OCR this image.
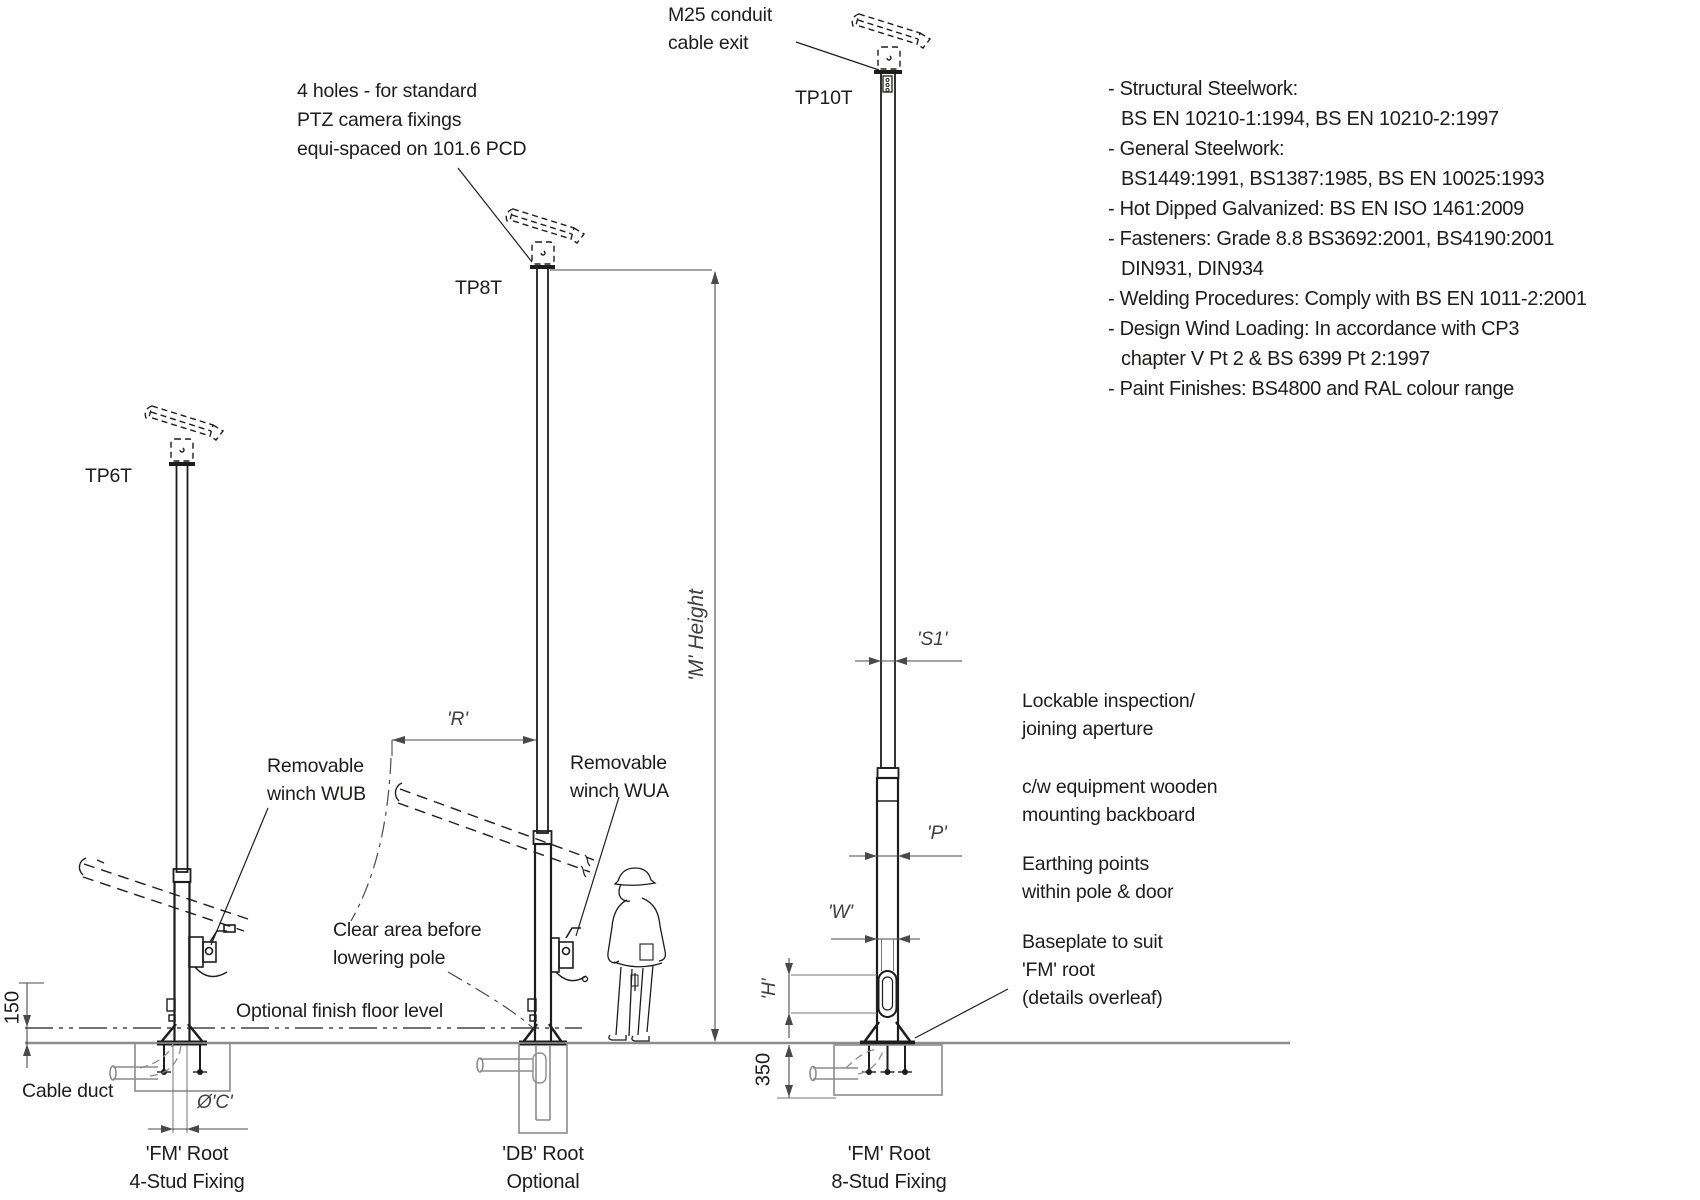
M25 conduit
cable exit
TP10T
4 holes - for standard
PTZ camera fixings
equi-spaced on 101.6 PCD
TP8T
TP6T
Removable
winch WUB
Removable
winch WUA
Clear area before
lowering pole
Optional finish floor level
Cable duct
'FM' Root
4-Stud Fixing
'DB' Root
Optional
'FM' Root
8-Stud Fixing
Lockable inspection/
joining aperture
c/w equipment wooden
mounting backboard
Earthing points
within pole & door
Baseplate to suit
'FM' root
(details overleaf)
- Structural Steelwork:
BS EN 10210-1:1994, BS EN 10210-2:1997
- General Steelwork:
BS1449:1991, BS1387:1985, BS EN 10025:1993
- Hot Dipped Galvanized: BS EN ISO 1461:2009
- Fasteners: Grade 8.8 BS3692:2001, BS4190:2001
DIN931, DIN934
- Welding Procedures: Comply with BS EN 1011-2:2001
- Design Wind Loading: In accordance with CP3
chapter V Pt 2 & BS 6399 Pt 2:1997
- Paint Finishes: BS4800 and RAL colour range
'R'
'S1'
'P'
'W'
Ø'C'
'H'
'M' Height
150
350
